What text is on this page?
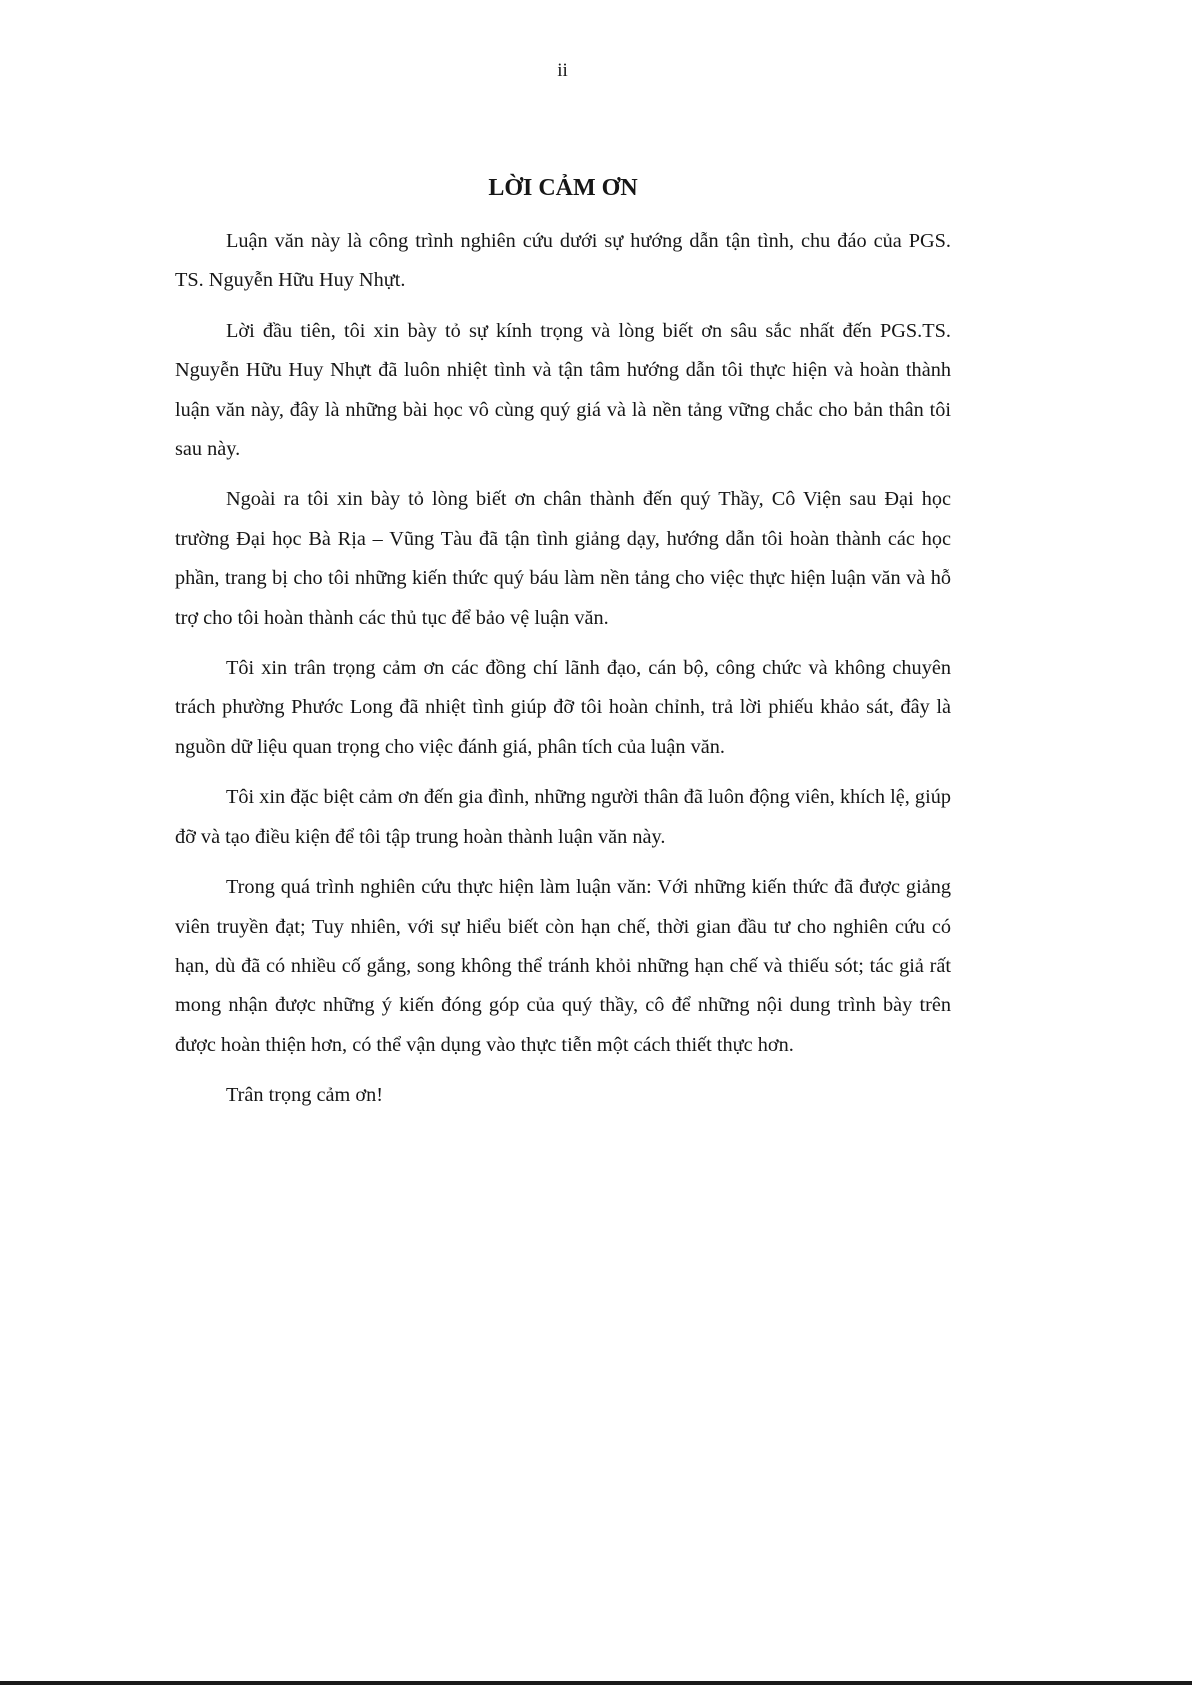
ii
LỜI CẢM ƠN

Luận văn này là công trình nghiên cứu dưới sự hướng dẫn tận tình, chu đáo của PGS. TS. Nguyễn Hữu Huy Nhựt.

Lời đầu tiên, tôi xin bày tỏ sự kính trọng và lòng biết ơn sâu sắc nhất đến PGS.TS. Nguyễn Hữu Huy Nhựt đã luôn nhiệt tình và tận tâm hướng dẫn tôi thực hiện và hoàn thành luận văn này, đây là những bài học vô cùng quý giá và là nền tảng vững chắc cho bản thân tôi sau này.

Ngoài ra tôi xin bày tỏ lòng biết ơn chân thành đến quý Thầy, Cô Viện sau Đại học trường Đại học Bà Rịa – Vũng Tàu đã tận tình giảng dạy, hướng dẫn tôi hoàn thành các học phần, trang bị cho tôi những kiến thức quý báu làm nền tảng cho việc thực hiện luận văn và hỗ trợ cho tôi hoàn thành các thủ tục để bảo vệ luận văn.

Tôi xin trân trọng cảm ơn các đồng chí lãnh đạo, cán bộ, công chức và không chuyên trách phường Phước Long đã nhiệt tình giúp đỡ tôi hoàn chỉnh, trả lời phiếu khảo sát, đây là nguồn dữ liệu quan trọng cho việc đánh giá, phân tích của luận văn.

Tôi xin đặc biệt cảm ơn đến gia đình, những người thân đã luôn động viên, khích lệ, giúp đỡ và tạo điều kiện để tôi tập trung hoàn thành luận văn này.

Trong quá trình nghiên cứu thực hiện làm luận văn: Với những kiến thức đã được giảng viên truyền đạt; Tuy nhiên, với sự hiểu biết còn hạn chế, thời gian đầu tư cho nghiên cứu có hạn, dù đã có nhiều cố gắng, song không thể tránh khỏi những hạn chế và thiếu sót; tác giả rất mong nhận được những ý kiến đóng góp của quý thầy, cô để những nội dung trình bày trên được hoàn thiện hơn, có thể vận dụng vào thực tiễn một cách thiết thực hơn.

Trân trọng cảm ơn!
